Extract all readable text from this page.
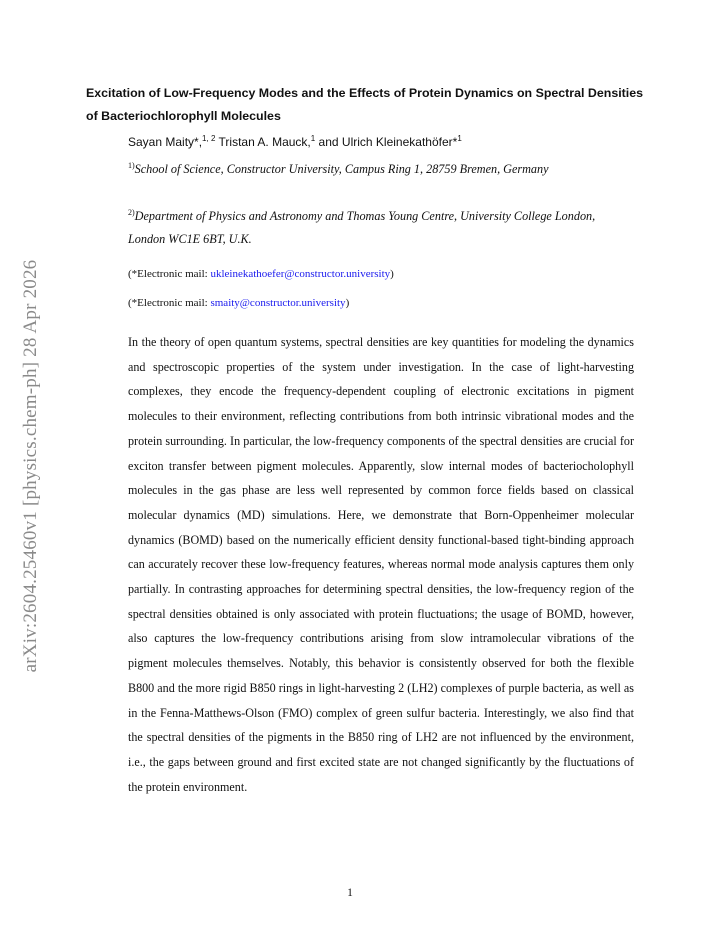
arXiv:2604.25460v1 [physics.chem-ph] 28 Apr 2026
Excitation of Low-Frequency Modes and the Effects of Protein Dynamics on Spectral Densities of Bacteriochlorophyll Molecules
Sayan Maity*,$^{1, 2}$ Tristan A. Mauck,$^1$ and Ulrich Kleinekathöfer*$^1$
$^{1)}$School of Science, Constructor University, Campus Ring 1, 28759 Bremen, Germany
$^{2)}$Department of Physics and Astronomy and Thomas Young Centre, University College London, London WC1E 6BT, U.K.
(*Electronic mail: ukleinekathoefer@constructor.university)
(*Electronic mail: smaity@constructor.university)

In the theory of open quantum systems, spectral densities are key quantities for modeling the dynamics and spectroscopic properties of the system under investigation. In the case of light-harvesting complexes, they encode the frequency-dependent coupling of electronic excitations in pigment molecules to their environment, reflecting contributions from both intrinsic vibrational modes and the protein surrounding. In particular, the low-frequency components of the spectral densities are crucial for exciton transfer between pigment molecules. Apparently, slow internal modes of bacteriocholophyll molecules in the gas phase are less well represented by common force fields based on classical molecular dynamics (MD) simulations. Here, we demonstrate that Born-Oppenheimer molecular dynamics (BOMD) based on the numerically efficient density functional-based tight-binding approach can accurately recover these low-frequency features, whereas normal mode analysis captures them only partially. In contrasting approaches for determining spectral densities, the low-frequency region of the spectral densities obtained is only associated with protein fluctuations; the usage of BOMD, however, also captures the low-frequency contributions arising from slow intramolecular vibrations of the pigment molecules themselves. Notably, this behavior is consistently observed for both the flexible B800 and the more rigid B850 rings in light-harvesting 2 (LH2) complexes of purple bacteria, as well as in the Fenna-Matthews-Olson (FMO) complex of green sulfur bacteria. Interestingly, we also find that the spectral densities of the pigments in the B850 ring of LH2 are not influenced by the environment, i.e., the gaps between ground and first excited state are not changed significantly by the fluctuations of the protein environment.

1
